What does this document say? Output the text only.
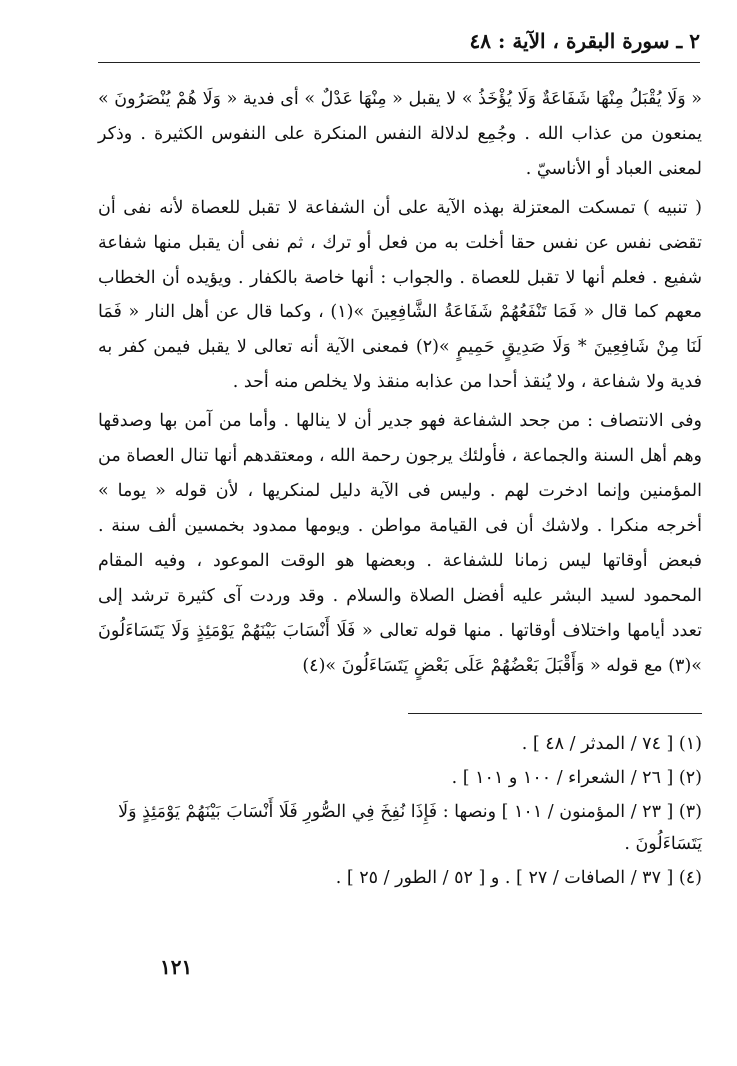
٢ ـ سورة البقرة ، الآية : ٤٨

« وَلَا يُقْبَلُ مِنْهَا شَفَاعَةٌ وَلَا يُؤْخَذُ » لا يقبل « مِنْهَا عَدْلٌ » أى فدية « وَلَا هُمْ يُنْصَرُونَ » يمنعون من عذاب الله . وجُمِع لدلالة النفس المنكرة على النفوس الكثيرة . وذكر لمعنى العباد أو الأناسيّ .

( تنبيه ) تمسكت المعتزلة بهذه الآية على أن الشفاعة لا تقبل للعصاة لأنه نفى أن تقضى نفس عن نفس حقا أخلت به من فعل أو ترك ، ثم نفى أن يقبل منها شفاعة شفيع . فعلم أنها لا تقبل للعصاة . والجواب : أنها خاصة بالكفار . ويؤيده أن الخطاب معهم كما قال « فَمَا تَنْفَعُهُمْ شَفَاعَةُ الشَّافِعِينَ »(١) ، وكما قال عن أهل النار « فَمَا لَنَا مِنْ شَافِعِينَ * وَلَا صَدِيقٍ حَمِيمٍ »(٢) فمعنى الآية أنه تعالى لا يقبل فيمن كفر به فدية ولا شفاعة ، ولا يُنقذ أحدا من عذابه منقذ ولا يخلص منه أحد .

وفى الانتصاف : من جحد الشفاعة فهو جدير أن لا ينالها . وأما من آمن بها وصدقها وهم أهل السنة والجماعة ، فأولئك يرجون رحمة الله ، ومعتقدهم أنها تنال العصاة من المؤمنين وإنما ادخرت لهم . وليس فى الآية دليل لمنكريها ، لأن قوله « يوما » أخرجه منكرا . ولاشك أن فى القيامة مواطن . ويومها ممدود بخمسين ألف سنة . فبعض أوقاتها ليس زمانا للشفاعة . وبعضها هو الوقت الموعود ، وفيه المقام المحمود لسيد البشر عليه أفضل الصلاة والسلام . وقد وردت آى كثيرة ترشد إلى تعدد أيامها واختلاف أوقاتها . منها قوله تعالى « فَلَا أَنْسَابَ بَيْنَهُمْ يَوْمَئِذٍ وَلَا يَتَسَاءَلُونَ »(٣) مع قوله « وَأَقْبَلَ بَعْضُهُمْ عَلَى بَعْضٍ يَتَسَاءَلُونَ »(٤)

(١) [ ٧٤ / المدثر / ٤٨ ] .

(٢) [ ٢٦ / الشعراء / ١٠٠ و ١٠١ ] .

(٣) [ ٢٣ / المؤمنون / ١٠١ ] ونصها : فَإِذَا نُفِخَ فِي الصُّورِ فَلَا أَنْسَابَ بَيْنَهُمْ يَوْمَئِذٍ وَلَا يَتَسَاءَلُونَ .

(٤) [ ٣٧ / الصافات / ٢٧ ] . و [ ٥٢ / الطور / ٢٥ ] .

١٢١
